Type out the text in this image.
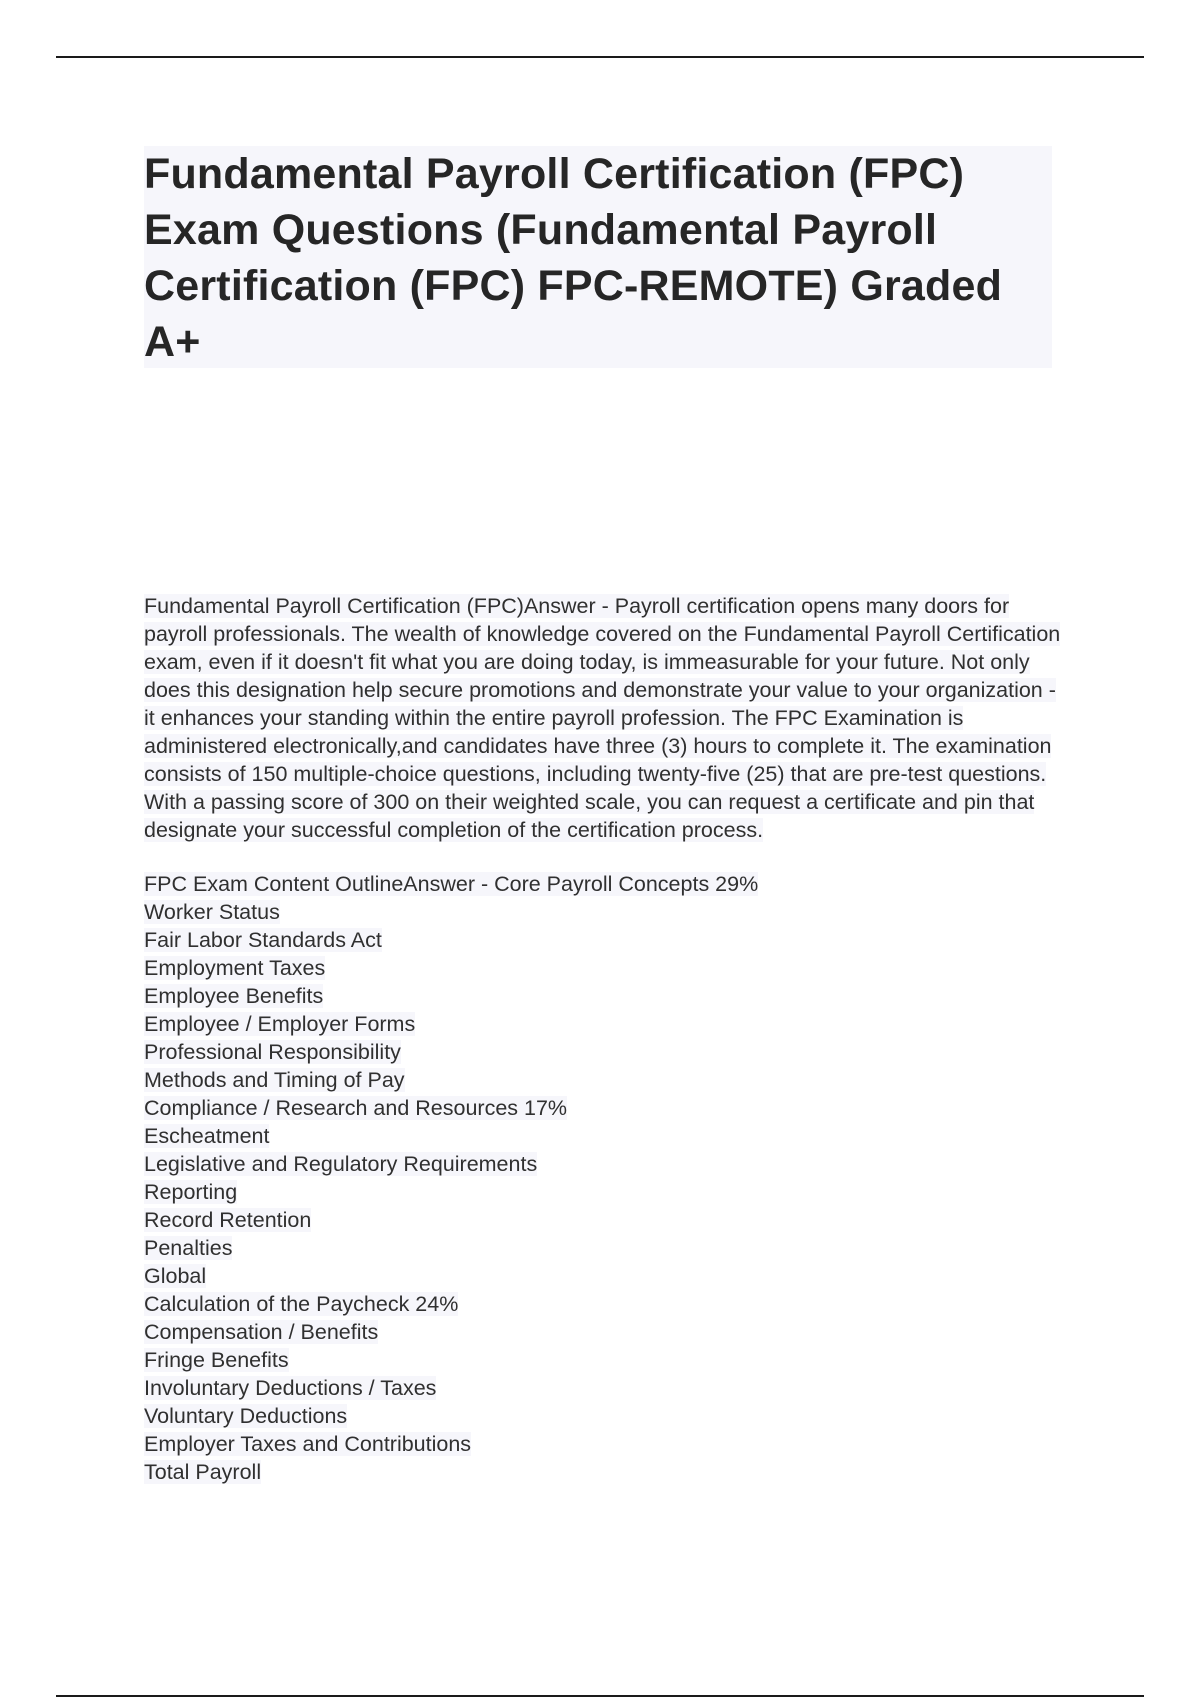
Fundamental Payroll Certification (FPC) Exam Questions (Fundamental Payroll Certification (FPC) FPC-REMOTE) Graded A+

Fundamental Payroll Certification (FPC)Answer - Payroll certification opens many doors for payroll professionals. The wealth of knowledge covered on the Fundamental Payroll Certification exam, even if it doesn't fit what you are doing today, is immeasurable for your future. Not only does this designation help secure promotions and demonstrate your value to your organization - it enhances your standing within the entire payroll profession. The FPC Examination is administered electronically,and candidates have three (3) hours to complete it. The examination consists of 150 multiple-choice questions, including twenty-five (25) that are pre-test questions. With a passing score of 300 on their weighted scale, you can request a certificate and pin that designate your successful completion of the certification process.

FPC Exam Content OutlineAnswer - Core Payroll Concepts 29%
Worker Status
Fair Labor Standards Act
Employment Taxes
Employee Benefits
Employee / Employer Forms
Professional Responsibility
Methods and Timing of Pay
Compliance / Research and Resources 17%
Escheatment
Legislative and Regulatory Requirements
Reporting
Record Retention
Penalties
Global
Calculation of the Paycheck 24%
Compensation / Benefits
Fringe Benefits
Involuntary Deductions / Taxes
Voluntary Deductions
Employer Taxes and Contributions
Total Payroll
